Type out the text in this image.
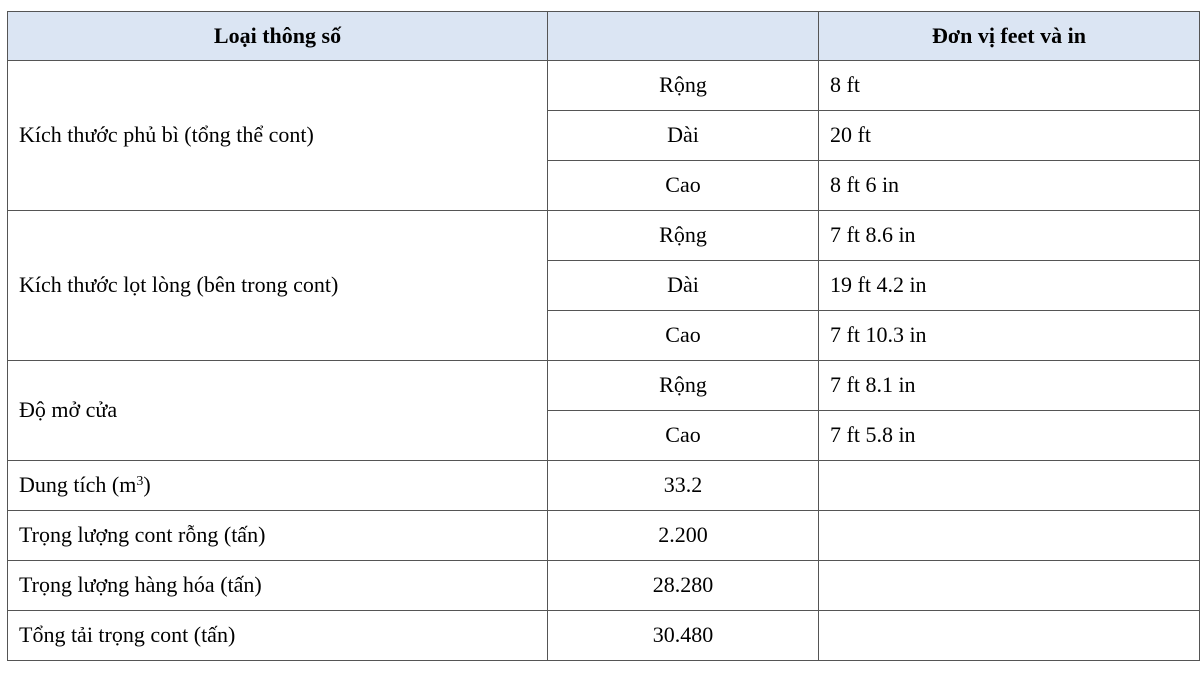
Loại thông số		Đơn vị feet và in
Kích thước phủ bì (tổng thể cont)	Rộng	8 ft
	Dài	20 ft
	Cao	8 ft 6 in
Kích thước lọt lòng (bên trong cont)	Rộng	7 ft 8.6 in
	Dài	19 ft 4.2 in
	Cao	7 ft 10.3 in
Độ mở cửa	Rộng	7 ft 8.1 in
	Cao	7 ft 5.8 in
Dung tích $(m^3)$	33.2	
Trọng lượng cont rỗng (tấn)	2.200	
Trọng lượng hàng hóa (tấn)	28.280	
Tổng tải trọng cont (tấn)	30.480	
